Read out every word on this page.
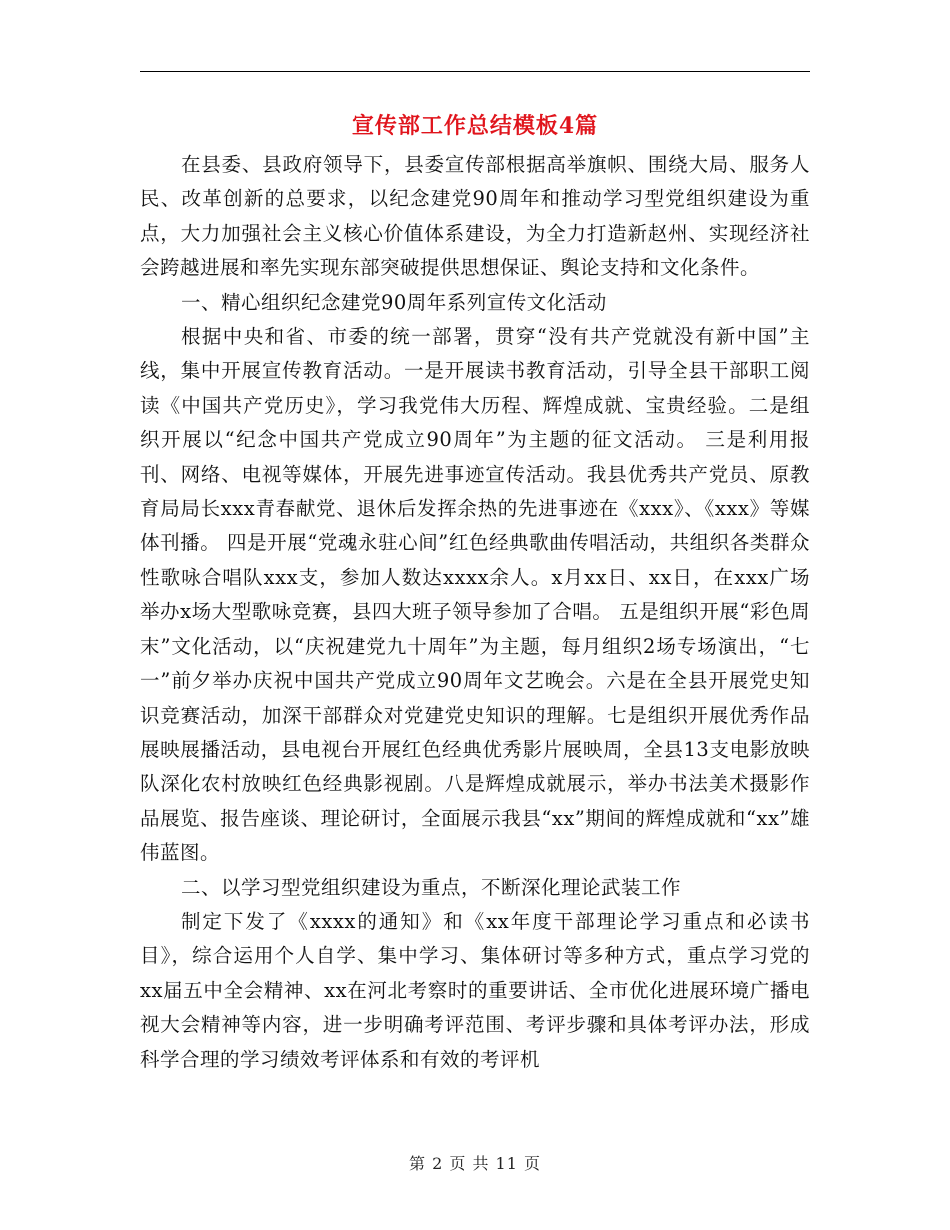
宣传部工作总结模板4篇

在县委、县政府领导下，县委宣传部根据高举旗帜、围绕大局、服务人民、改革创新的总要求，以纪念建党90周年和推动学习型党组织建设为重点，大力加强社会主义核心价值体系建设，为全力打造新赵州、实现经济社会跨越进展和率先实现东部突破提供思想保证、舆论支持和文化条件。

一、精心组织纪念建党90周年系列宣传文化活动

根据中央和省、市委的统一部署，贯穿“没有共产党就没有新中国”主线，集中开展宣传教育活动。一是开展读书教育活动，引导全县干部职工阅读《中国共产党历史》，学习我党伟大历程、辉煌成就、宝贵经验。二是组织开展以“纪念中国共产党成立90周年”为主题的征文活动。 三是利用报刊、网络、电视等媒体，开展先进事迹宣传活动。我县优秀共产党员、原教育局局长xxx青春献党、退休后发挥余热的先进事迹在《xxx》、《xxx》等媒体刊播。 四是开展“党魂永驻心间”红色经典歌曲传唱活动，共组织各类群众性歌咏合唱队xxx支，参加人数达xxxx余人。x月xx日、xx日，在xxx广场举办x场大型歌咏竞赛，县四大班子领导参加了合唱。 五是组织开展“彩色周末”文化活动，以“庆祝建党九十周年”为主题，每月组织2场专场演出，“七一”前夕举办庆祝中国共产党成立90周年文艺晚会。六是在全县开展党史知识竞赛活动，加深干部群众对党建党史知识的理解。七是组织开展优秀作品展映展播活动，县电视台开展红色经典优秀影片展映周，全县13支电影放映队深化农村放映红色经典影视剧。八是辉煌成就展示，举办书法美术摄影作品展览、报告座谈、理论研讨，全面展示我县“xx”期间的辉煌成就和“xx”雄伟蓝图。

二、以学习型党组织建设为重点，不断深化理论武装工作

制定下发了《xxxx的通知》和《xx年度干部理论学习重点和必读书目》，综合运用个人自学、集中学习、集体研讨等多种方式，重点学习党的xx届五中全会精神、xx在河北考察时的重要讲话、全市优化进展环境广播电视大会精神等内容，进一步明确考评范围、考评步骤和具体考评办法，形成科学合理的学习绩效考评体系和有效的考评机

第 2 页 共 11 页
